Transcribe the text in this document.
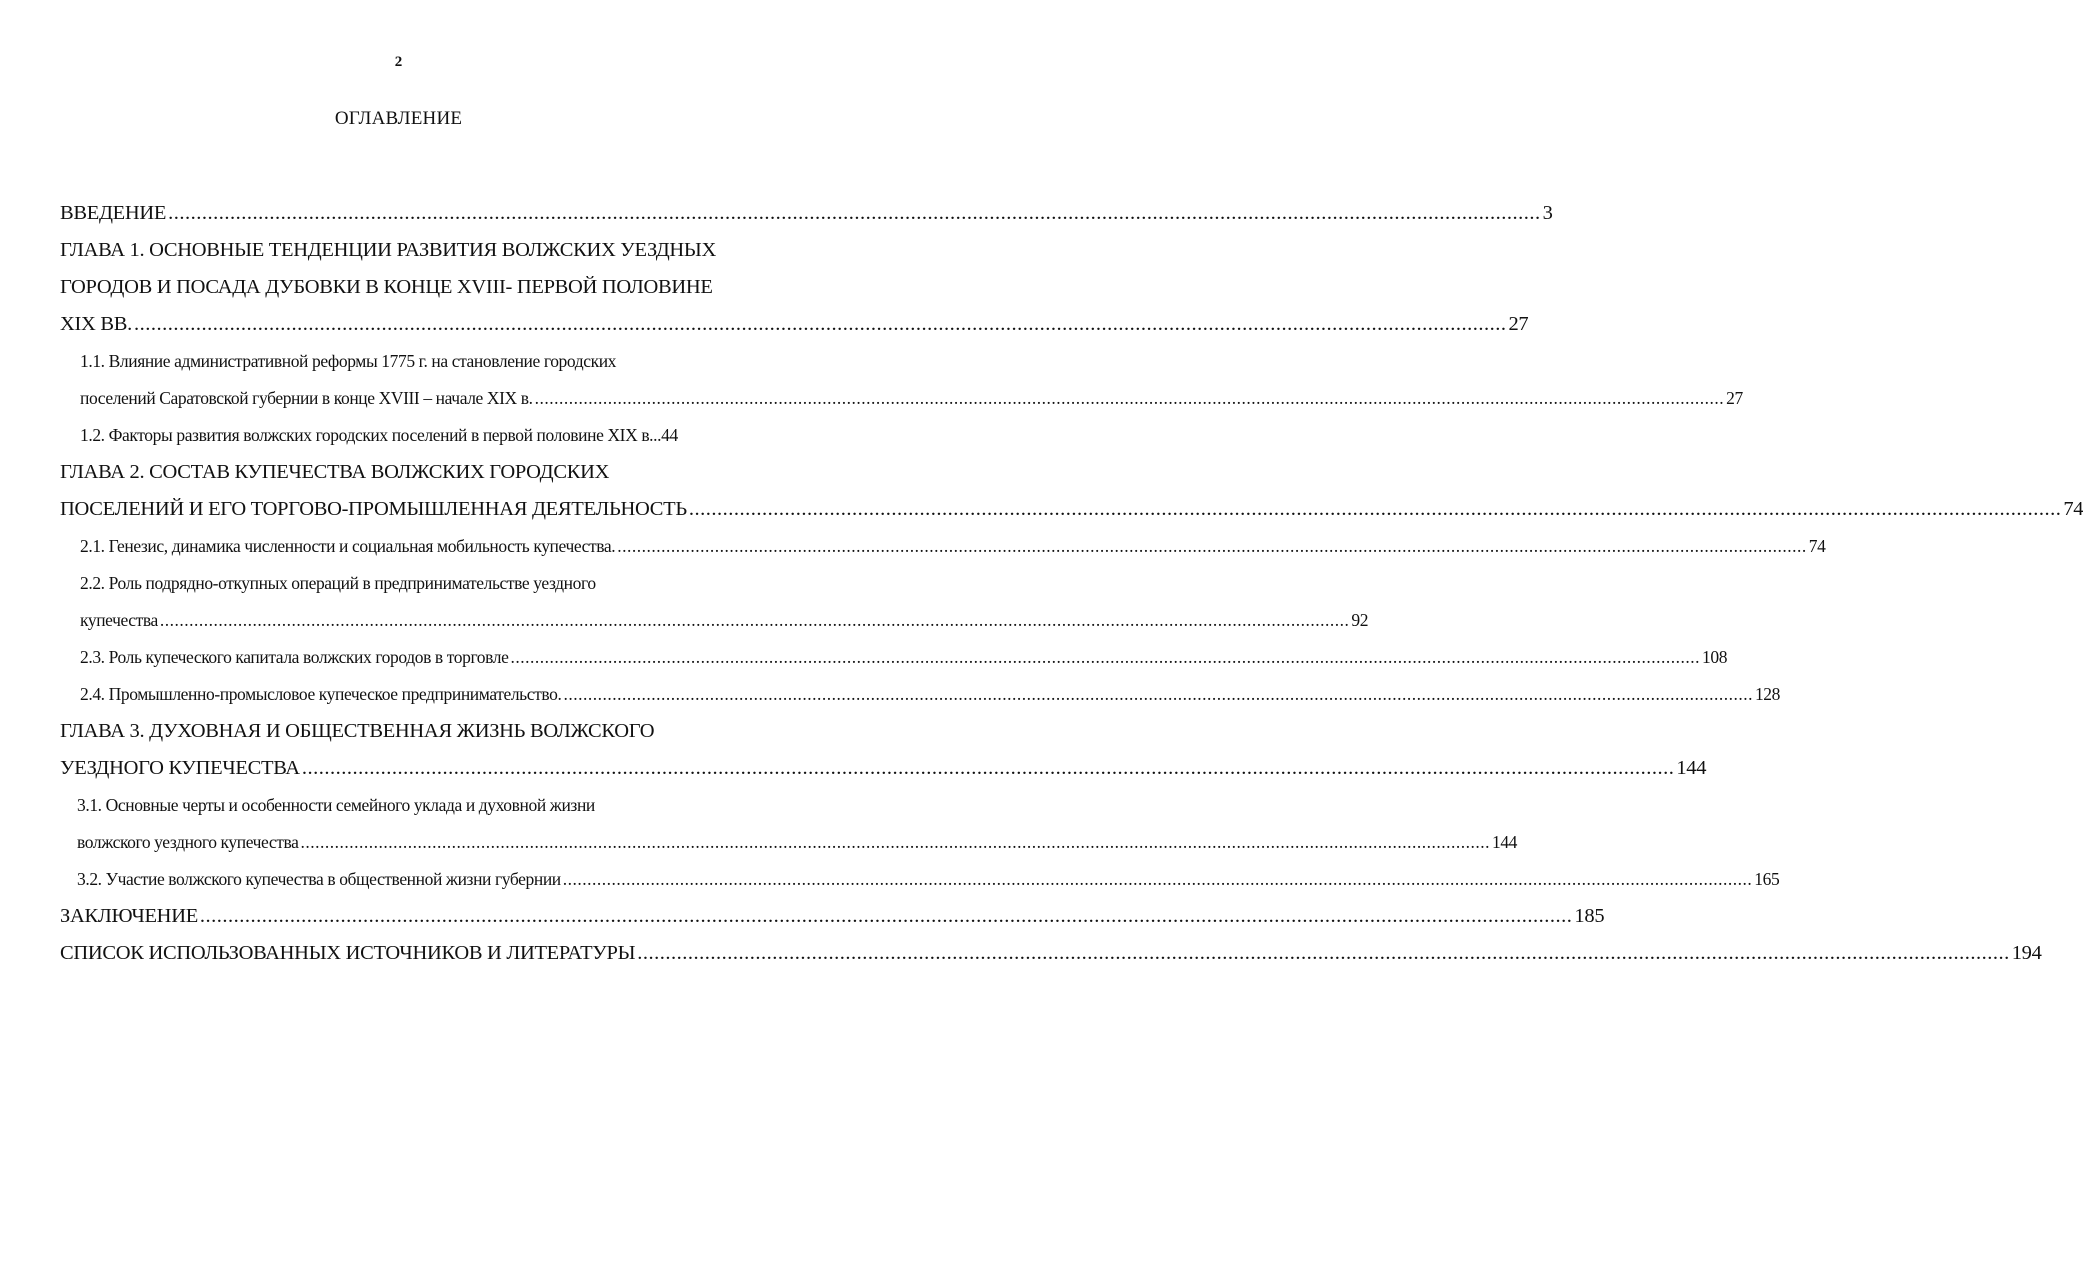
2
ОГЛАВЛЕНИЕ
ВВЕДЕНИЕ .................................................................................................................................................................................................................................................... 3
ГЛАВА 1. ОСНОВНЫЕ ТЕНДЕНЦИИ РАЗВИТИЯ ВОЛЖСКИХ УЕЗДНЫХ
ГОРОДОВ И ПОСАДА ДУБОВКИ В КОНЦЕ XVIII- ПЕРВОЙ ПОЛОВИНЕ
XIX ВВ. .................................................................................................................................................................................................................................................... 27
1.1. Влияние административной реформы 1775 г. на становление городских
поселений Саратовской губернии в конце XVIII – начале XIX в. .................................................................................................................................................................................................................................................... 27
1.2. Факторы развития волжских городских поселений в первой половине XIX в... 44
ГЛАВА 2. СОСТАВ КУПЕЧЕСТВА ВОЛЖСКИХ ГОРОДСКИХ
ПОСЕЛЕНИЙ И ЕГО ТОРГОВО-ПРОМЫШЛЕННАЯ ДЕЯТЕЛЬНОСТЬ .................................................................................................................................................................................................................................................... 74
2.1. Генезис, динамика численности и социальная мобильность купечества. .................................................................................................................................................................................................................................................... 74
2.2. Роль подрядно-откупных операций в предпринимательстве уездного
купечества .................................................................................................................................................................................................................................................... 92
2.3. Роль купеческого капитала волжских городов в торговле .................................................................................................................................................................................................................................................... 108
2.4. Промышленно-промысловое купеческое предпринимательство. .................................................................................................................................................................................................................................................... 128
ГЛАВА 3. ДУХОВНАЯ И ОБЩЕСТВЕННАЯ ЖИЗНЬ ВОЛЖСКОГО
УЕЗДНОГО КУПЕЧЕСТВА .................................................................................................................................................................................................................................................... 144
3.1. Основные черты и особенности семейного уклада и духовной жизни
волжского уездного купечества .................................................................................................................................................................................................................................................... 144
3.2. Участие волжского купечества в общественной жизни губернии .................................................................................................................................................................................................................................................... 165
ЗАКЛЮЧЕНИЕ .................................................................................................................................................................................................................................................... 185
СПИСОК ИСПОЛЬЗОВАННЫХ ИСТОЧНИКОВ И ЛИТЕРАТУРЫ .................................................................................................................................................................................................................................................... 194
